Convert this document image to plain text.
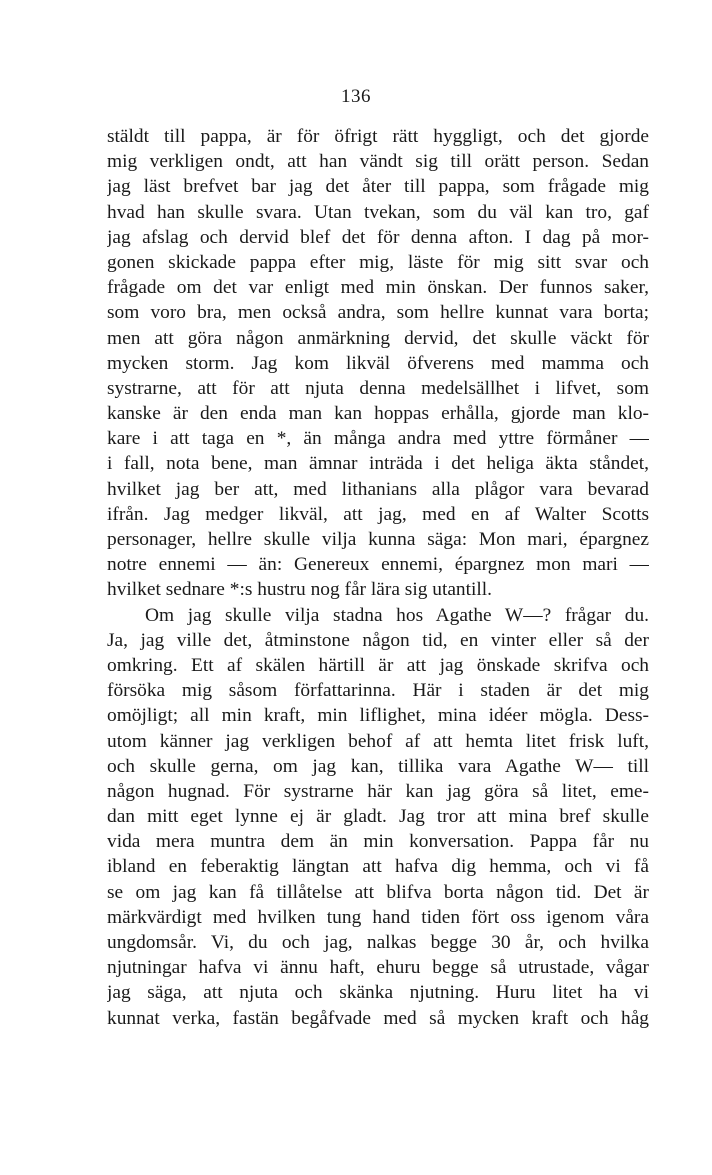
136
stäldt till pappa, är för öfrigt rätt hyggligt, och det gjorde
mig verkligen ondt, att han vändt sig till orätt person. Sedan
jag läst brefvet bar jag det åter till pappa, som frågade mig
hvad han skulle svara. Utan tvekan, som du väl kan tro, gaf
jag afslag och dervid blef det för denna afton. I dag på mor-
gonen skickade pappa efter mig, läste för mig sitt svar och
frågade om det var enligt med min önskan. Der funnos saker,
som voro bra, men också andra, som hellre kunnat vara borta;
men att göra någon anmärkning dervid, det skulle väckt för
mycken storm. Jag kom likväl öfverens med mamma och
systrarne, att för att njuta denna medelsällhet i lifvet, som
kanske är den enda man kan hoppas erhålla, gjorde man klo-
kare i att taga en *, än många andra med yttre förmåner —
i fall, nota bene, man ämnar inträda i det heliga äkta ståndet,
hvilket jag ber att, med lithanians alla plågor vara bevarad
ifrån. Jag medger likväl, att jag, med en af Walter Scotts
personager, hellre skulle vilja kunna säga: Mon mari, épargnez
notre ennemi — än: Genereux ennemi, épargnez mon mari —
hvilket sednare *:s hustru nog får lära sig utantill.
Om jag skulle vilja stadna hos Agathe W—? frågar du.
Ja, jag ville det, åtminstone någon tid, en vinter eller så der
omkring. Ett af skälen härtill är att jag önskade skrifva och
försöka mig såsom författarinna. Här i staden är det mig
omöjligt; all min kraft, min liflighet, mina idéer mögla. Dess-
utom känner jag verkligen behof af att hemta litet frisk luft,
och skulle gerna, om jag kan, tillika vara Agathe W— till
någon hugnad. För systrarne här kan jag göra så litet, eme-
dan mitt eget lynne ej är gladt. Jag tror att mina bref skulle
vida mera muntra dem än min konversation. Pappa får nu
ibland en feberaktig längtan att hafva dig hemma, och vi få
se om jag kan få tillåtelse att blifva borta någon tid. Det är
märkvärdigt med hvilken tung hand tiden fört oss igenom våra
ungdomsår. Vi, du och jag, nalkas begge 30 år, och hvilka
njutningar hafva vi ännu haft, ehuru begge så utrustade, vågar
jag säga, att njuta och skänka njutning. Huru litet ha vi
kunnat verka, fastän begåfvade med så mycken kraft och håg
